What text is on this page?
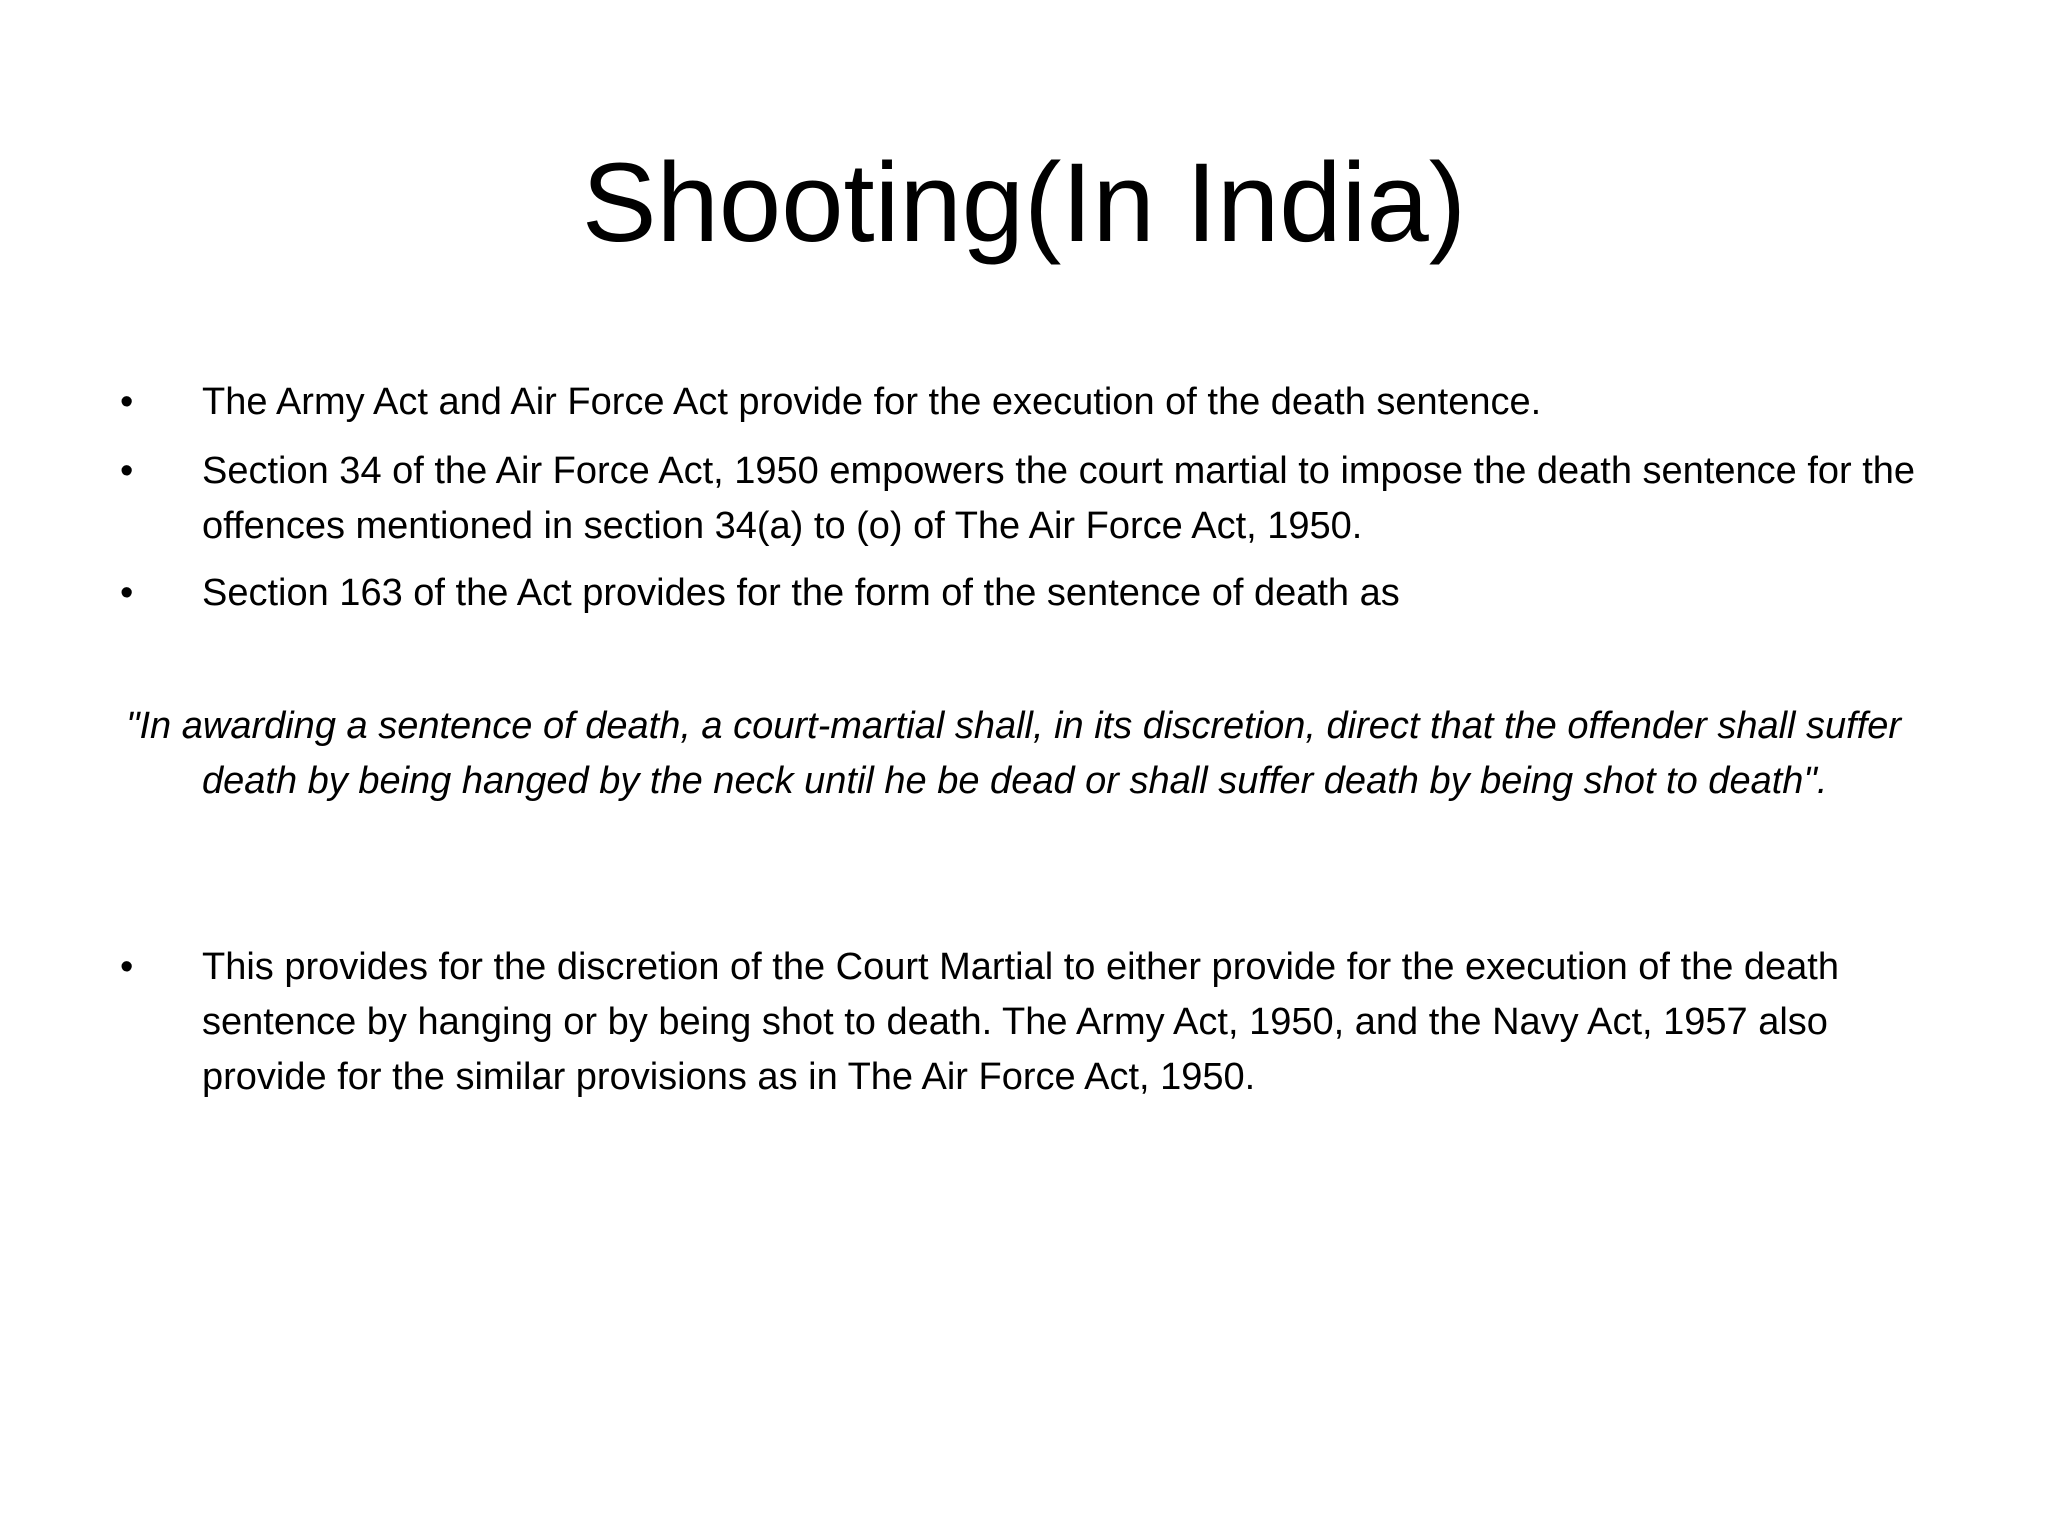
Shooting(In India)
• The Army Act and Air Force Act provide for the execution of the death sentence.
• Section 34 of the Air Force Act, 1950 empowers the court martial to impose the death sentence for the offences mentioned in section 34(a) to (o) of The Air Force Act, 1950.
• Section 163 of the Act provides for the form of the sentence of death as
"In awarding a sentence of death, a court-martial shall, in its discretion, direct that the offender shall suffer death by being hanged by the neck until he be dead or shall suffer death by being shot to death".
• This provides for the discretion of the Court Martial to either provide for the execution of the death sentence by hanging or by being shot to death. The Army Act, 1950, and the Navy Act, 1957 also provide for the similar provisions as in The Air Force Act, 1950.
